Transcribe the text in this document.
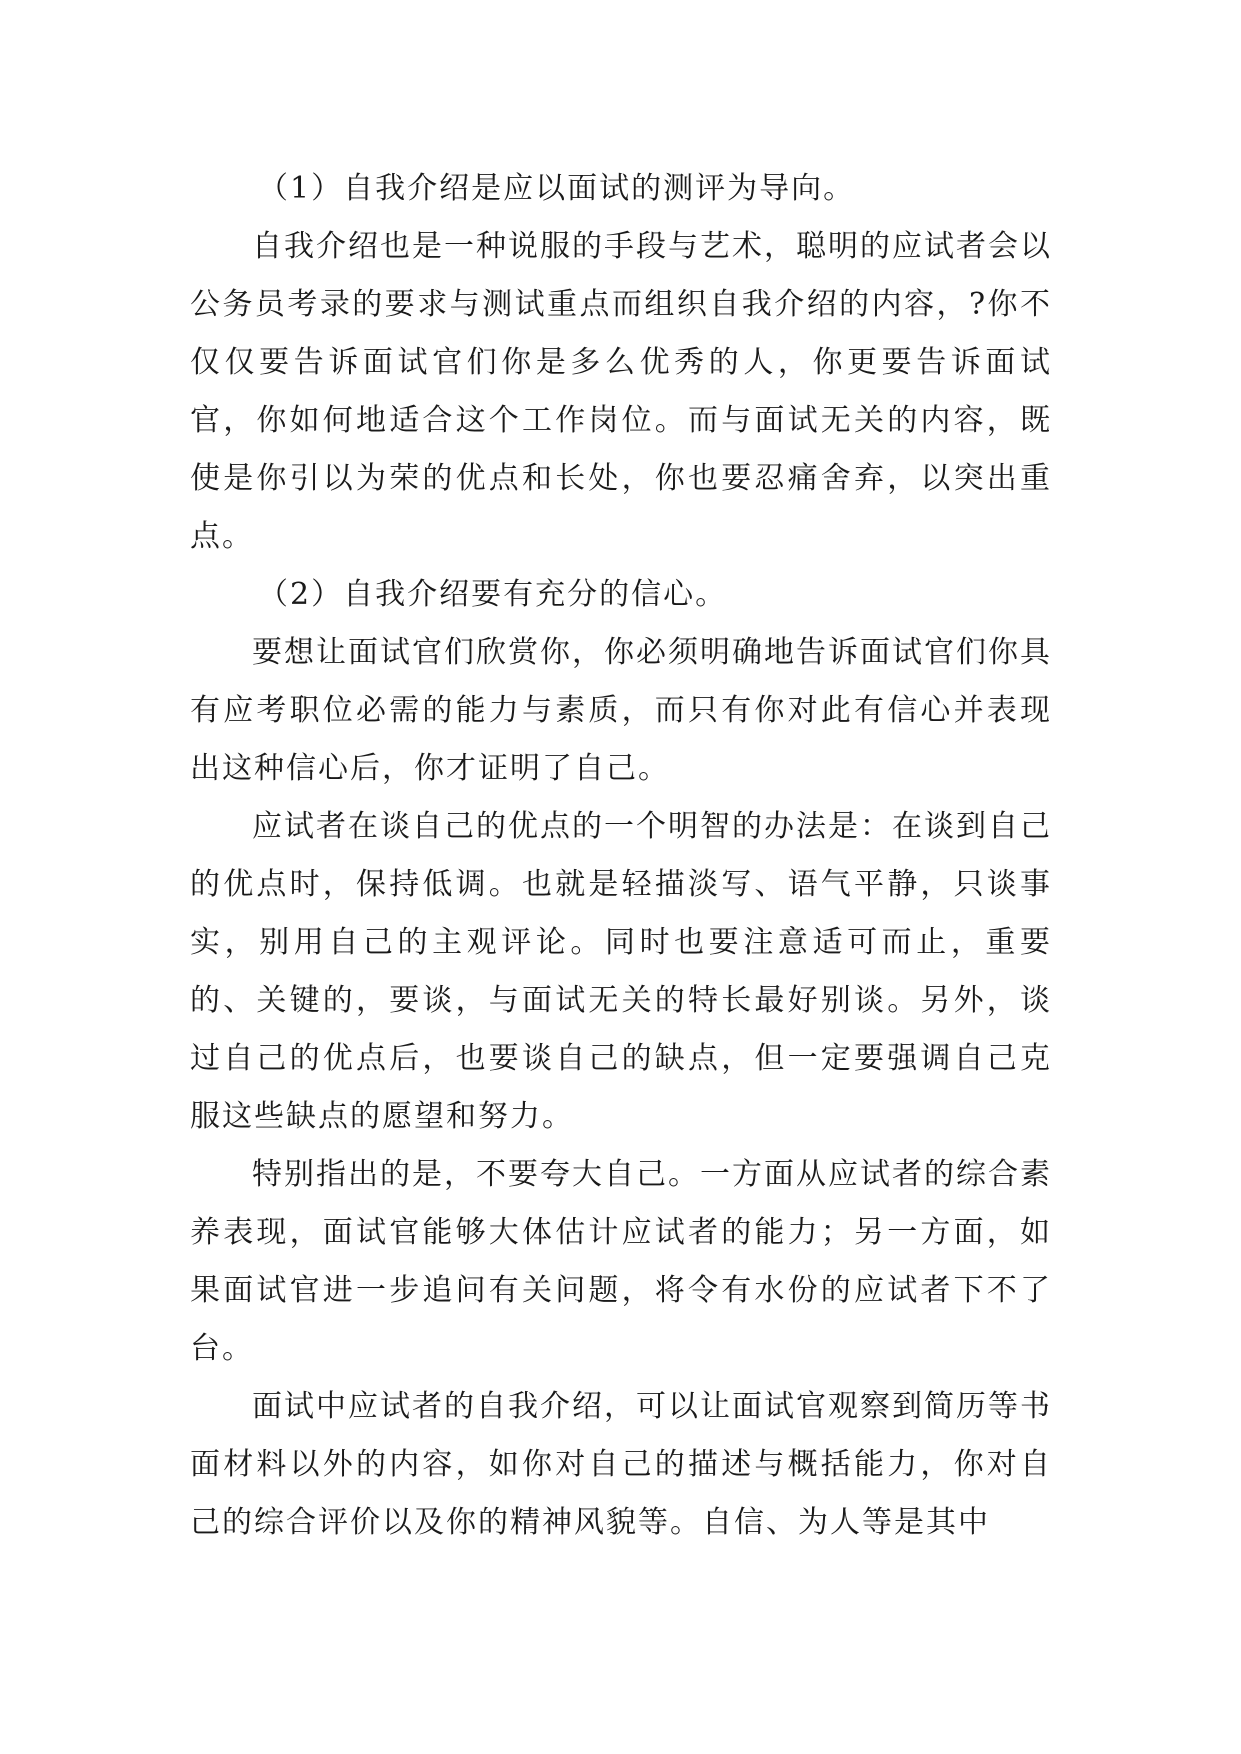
（1）自我介绍是应以面试的测评为导向。

自我介绍也是一种说服的手段与艺术，聪明的应试者会以公务员考录的要求与测试重点而组织自我介绍的内容，?你不仅仅要告诉面试官们你是多么优秀的人，你更要告诉面试官，你如何地适合这个工作岗位。而与面试无关的内容，既使是你引以为荣的优点和长处，你也要忍痛舍弃，以突出重点。

（2）自我介绍要有充分的信心。

要想让面试官们欣赏你，你必须明确地告诉面试官们你具有应考职位必需的能力与素质，而只有你对此有信心并表现出这种信心后，你才证明了自己。

应试者在谈自己的优点的一个明智的办法是：在谈到自己的优点时，保持低调。也就是轻描淡写、语气平静，只谈事实，别用自己的主观评论。同时也要注意适可而止，重要的、关键的，要谈，与面试无关的特长最好别谈。另外，谈过自己的优点后，也要谈自己的缺点，但一定要强调自己克服这些缺点的愿望和努力。

特别指出的是，不要夸大自己。一方面从应试者的综合素养表现，面试官能够大体估计应试者的能力；另一方面，如果面试官进一步追问有关问题，将令有水份的应试者下不了台。

面试中应试者的自我介绍，可以让面试官观察到简历等书面材料以外的内容，如你对自己的描述与概括能力，你对自己的综合评价以及你的精神风貌等。自信、为人等是其中
